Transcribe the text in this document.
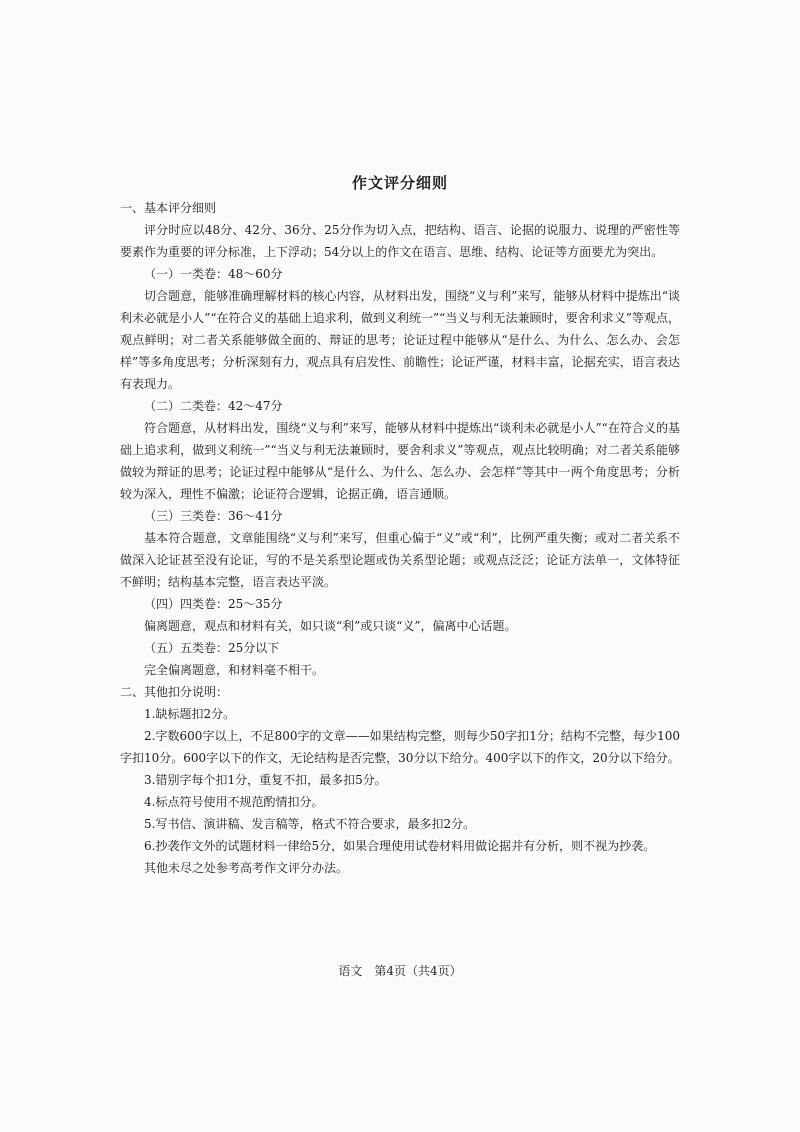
作文评分细则

一、基本评分细则

评分时应以48分、42分、36分、25分作为切入点，把结构、语言、论据的说服力、说理的严密性等要素作为重要的评分标准，上下浮动；54分以上的作文在语言、思维、结构、论证等方面要尤为突出。

（一）一类卷：48～60分

切合题意，能够准确理解材料的核心内容，从材料出发，围绕“义与利”来写，能够从材料中提炼出“谈利未必就是小人”“在符合义的基础上追求利，做到义利统一”“当义与利无法兼顾时，要舍利求义”等观点，观点鲜明；对二者关系能够做全面的、辩证的思考；论证过程中能够从“是什么、为什么、怎么办、会怎样”等多角度思考；分析深刻有力，观点具有启发性、前瞻性；论证严谨，材料丰富，论据充实，语言表达有表现力。

（二）二类卷：42～47分

符合题意，从材料出发，围绕“义与利”来写，能够从材料中提炼出“谈利未必就是小人”“在符合义的基础上追求利，做到义利统一”“当义与利无法兼顾时，要舍利求义”等观点，观点比较明确；对二者关系能够做较为辩证的思考；论证过程中能够从“是什么、为什么、怎么办、会怎样”等其中一两个角度思考；分析较为深入，理性不偏激；论证符合逻辑，论据正确，语言通顺。

（三）三类卷：36～41分

基本符合题意，文章能围绕“义与利”来写，但重心偏于“义”或“利”，比例严重失衡；或对二者关系不做深入论证甚至没有论证，写的不是关系型论题或伪关系型论题；或观点泛泛；论证方法单一，文体特征不鲜明；结构基本完整，语言表达平淡。

（四）四类卷：25～35分

偏离题意，观点和材料有关，如只谈“利”或只谈“义”，偏离中心话题。

（五）五类卷：25分以下

完全偏离题意，和材料毫不相干。

二、其他扣分说明：

1.缺标题扣2分。

2.字数600字以上，不足800字的文章——如果结构完整，则每少50字扣1分；结构不完整，每少100字扣10分。600字以下的作文，无论结构是否完整，30分以下给分。400字以下的作文，20分以下给分。

3.错别字每个扣1分，重复不扣，最多扣5分。

4.标点符号使用不规范酌情扣分。

5.写书信、演讲稿、发言稿等，格式不符合要求，最多扣2分。

6.抄袭作文外的试题材料一律给5分，如果合理使用试卷材料用做论据并有分析，则不视为抄袭。

其他未尽之处参考高考作文评分办法。

语文　第4页（共4页）
